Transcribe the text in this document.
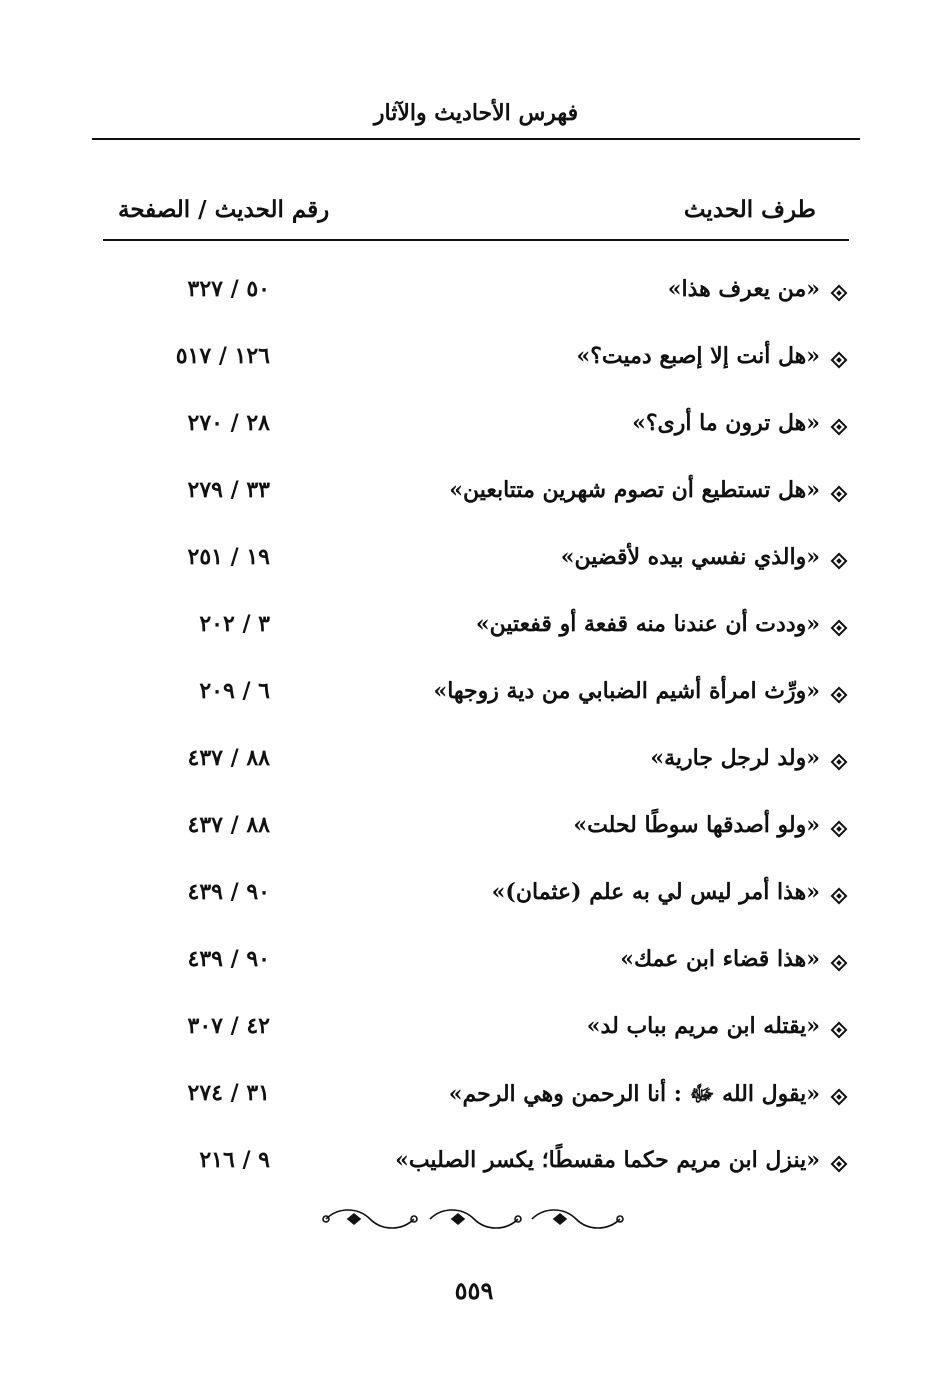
فهرس الأحاديث والآثار
طرف الحديث
رقم الحديث / الصفحة
«من يعرف هذا»
٥٠ / ٣٢٧
«هل أنت إلا إصبع دميت؟»
١٢٦ / ٥١٧
«هل ترون ما أرى؟»
٢٨ / ٢٧٠
«هل تستطيع أن تصوم شهرين متتابعين»
٣٣ / ٢٧٩
«والذي نفسي بيده لأقضين»
١٩ / ٢٥١
«وددت أن عندنا منه قفعة أو قفعتين»
٣ / ٢٠٢
«ورِّث امرأة أشيم الضبابي من دية زوجها»
٦ / ٢٠٩
«ولد لرجل جارية»
٨٨ / ٤٣٧
«ولو أصدقها سوطًا لحلت»
٨٨ / ٤٣٧
«هذا أمر ليس لي به علم (عثمان)»
٩٠ / ٤٣٩
«هذا قضاء ابن عمك»
٩٠ / ٤٣٩
«يقتله ابن مريم بباب لد»
٤٢ / ٣٠٧
«يقول الله ﷻ : أنا الرحمن وهي الرحم»
٣١ / ٢٧٤
«ينزل ابن مريم حكما مقسطًا؛ يكسر الصليب»
٩ / ٢١٦
٥٥٩
